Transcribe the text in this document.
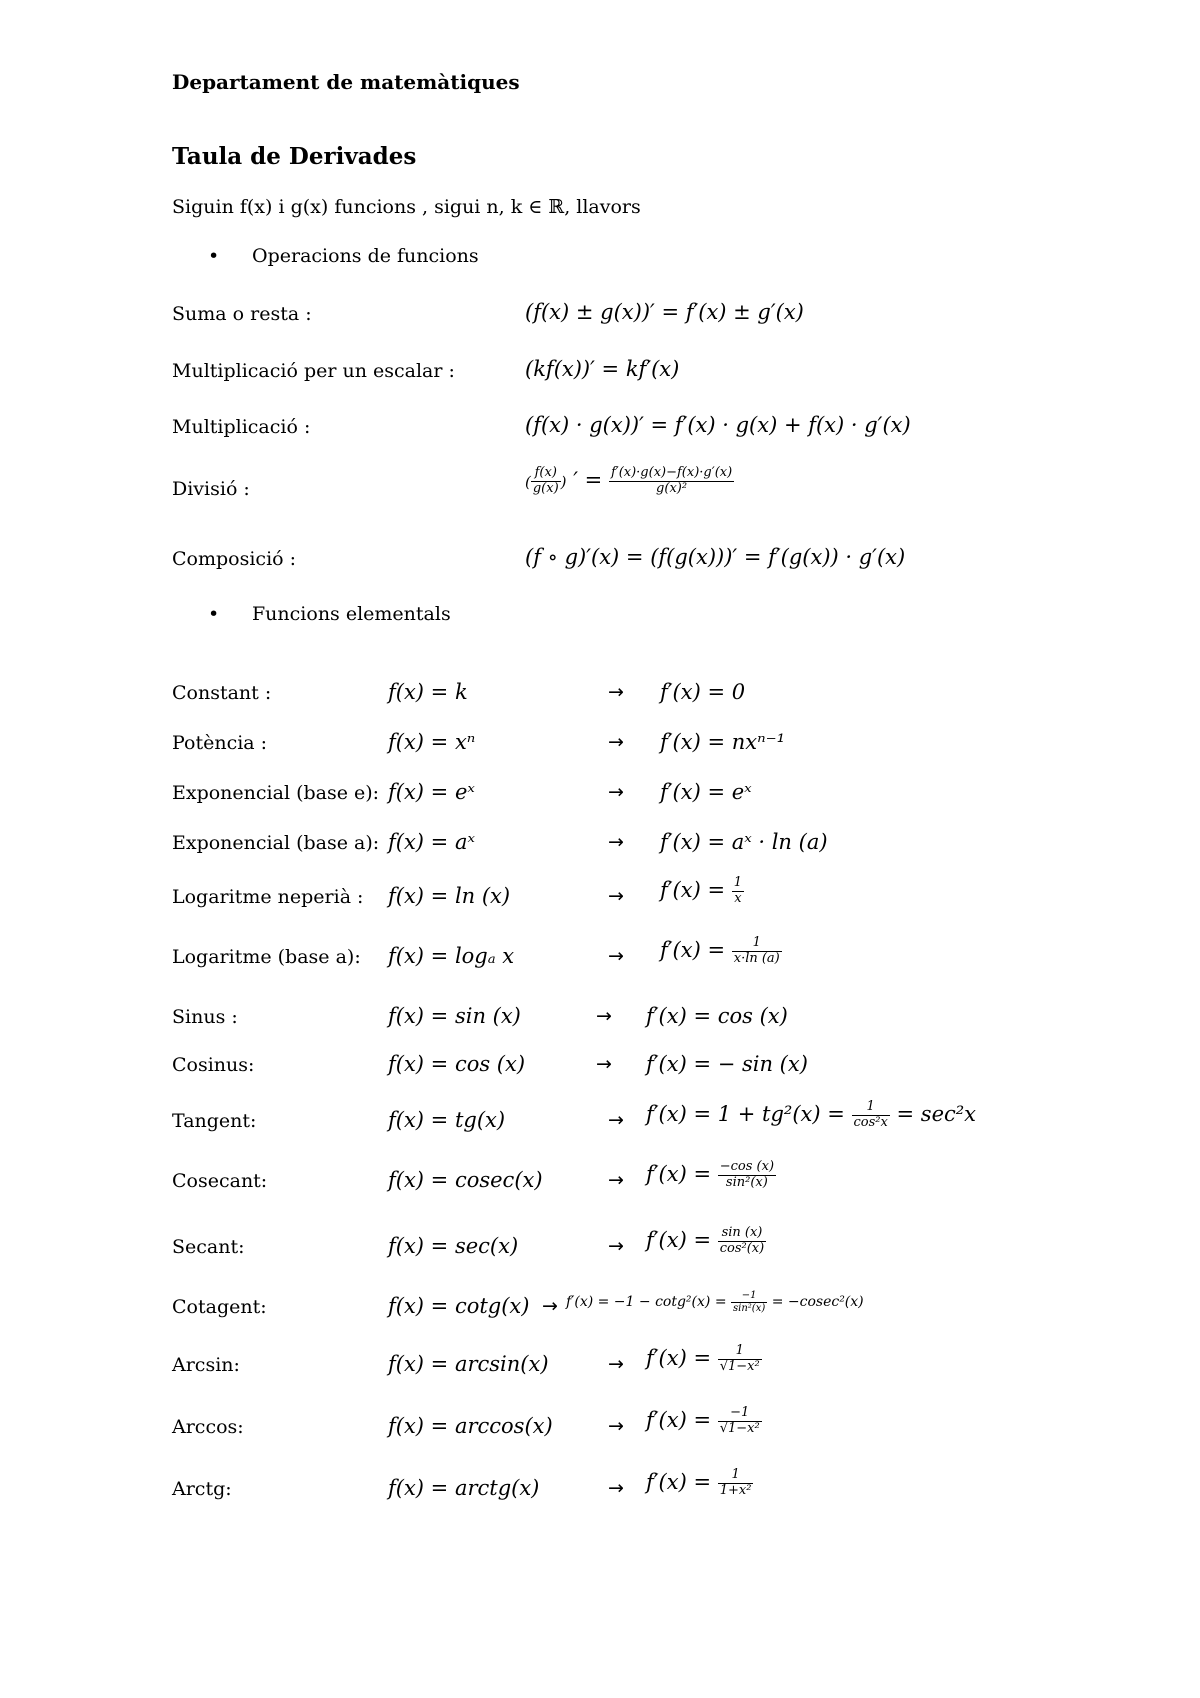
Departament de matemàtiques
Taula de Derivades
Siguin f(x) i g(x) funcions , sigui n, k ∈ ℝ, llavors
• Operacions de funcions
Suma o resta :	(f(x) ± g(x))′ = f′(x) ± g′(x)
Multiplicació per un escalar :	(kf(x))′ = kf′(x)
Multiplicació :	(f(x) · g(x))′ = f′(x) · g(x) + f(x) · g′(x)
Divisió :	( $\frac{f(x)}{g(x)}$ ) ′ = $\frac{f'(x)\cdot g(x)-f(x)\cdot g'(x)}{\text{g(x)²}}$
Composició :	(f ∘ g)′(x) = (f(g(x)))′ = f′(g(x)) · g′(x)
• Funcions elementals
Constant :	f(x) = k	→ f′(x) = 0
Potència :	f(x) = xⁿ	→ f′(x) = nxⁿ⁻¹
Exponencial (base e): f(x) = eˣ	→ f′(x) = eˣ
Exponencial (base a): f(x) = aˣ	→ f′(x) = aˣ · ln (a)
Logaritme neperià : f(x) = ln (x)	→ $f'(x) = \frac{1}{x}$
Logaritme (base a): f(x) = logₐ x	→ $f'(x) = \frac{1}{x\cdot\ln (a)}$
Sinus :	f(x) = sin (x)	→ f′(x) = cos (x)
Cosinus:	f(x) = cos (x)	→ f′(x) = − sin (x)
Tangent:	f(x) = tg(x)	→ $f'(x) = 1 + tg^2(x) = \frac{1}{\text{cos²x}} = \sec^2x$
Cosecant:	f(x) = cosec(x)	→ $f'(x) = \frac{-\cos (x)}{\text{sin²(x)}}$
Secant:	f(x) = sec(x)	→ $f'(x) = \frac{\sin (x)}{\text{cos²(x)}}$
Cotagent:	$f(x) = \cot g(x) \to f'(x) = -1 - \cot g^2(x) = \frac{-1}{\text{sin²(x)}} = -cosec^2(x)$
Arcsin:	f(x) = arcsin(x)	→ $f'(x) = \frac{1}{\text{√1−x²}}$
Arccos:	f(x) = arccos(x)	→ $f'(x) = \frac{-1}{\text{√1−x²}}$
Arctg:	f(x) = arctg(x)	→ $f'(x) = \frac{1}{\text{1+x²}}$
